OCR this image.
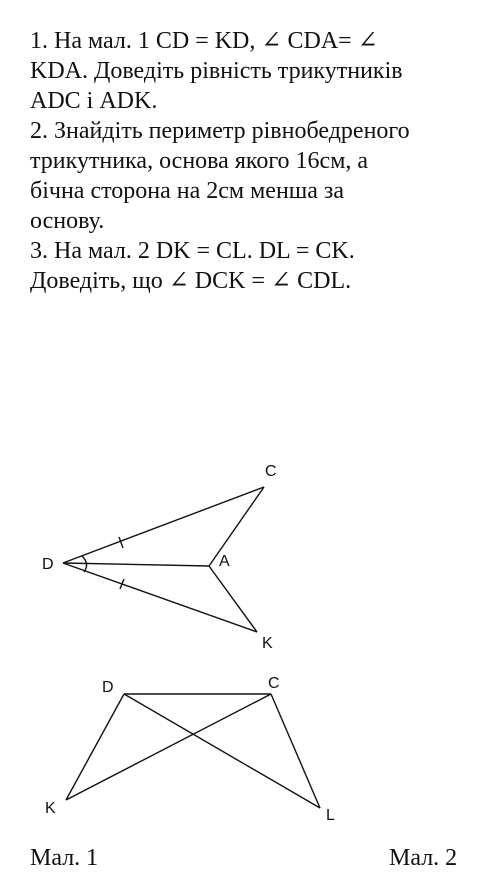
1. На мал. 1 CD = KD, ∠ CDA= ∠
KDA. Доведіть рівність трикутників
ADC і ADK.
2. Знайдіть периметр рівнобедреного
трикутника, основа якого 16см, а
бічна сторона на 2см менша за
основу.
3. На мал. 2 DK = CL. DL = CK.
Доведіть, що ∠ DCK = ∠ CDL.
D	A
C
K
D	C
K	L
Мал. 1	Мал. 2
